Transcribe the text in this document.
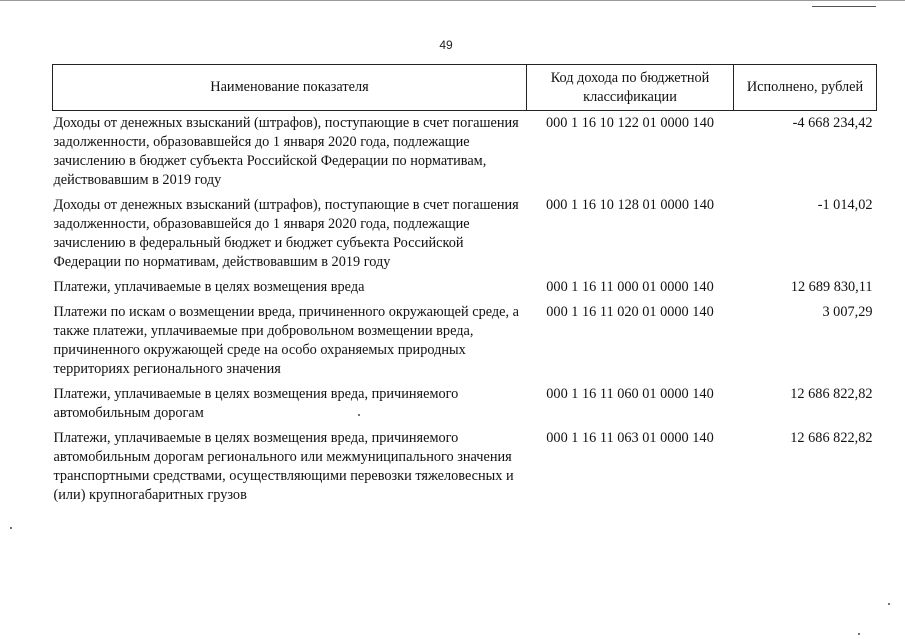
49
Наименование показателя	Код дохода по бюджетной классификации	Исполнено, рублей
Доходы от денежных взысканий (штрафов), поступающие в счет погашения задолженности, образовавшейся до 1 января 2020 года, подлежащие зачислению в бюджет субъекта Российской Федерации по нормативам, действовавшим в 2019 году	000 1 16 10 122 01 0000 140	-4 668 234,42
Доходы от денежных взысканий (штрафов), поступающие в счет погашения задолженности, образовавшейся до 1 января 2020 года, подлежащие зачислению в федеральный бюджет и бюджет субъекта Российской Федерации по нормативам, действовавшим в 2019 году	000 1 16 10 128 01 0000 140	-1 014,02
Платежи, уплачиваемые в целях возмещения вреда	000 1 16 11 000 01 0000 140	12 689 830,11
Платежи по искам о возмещении вреда, причиненного окружающей среде, а также платежи, уплачиваемые при добровольном возмещении вреда, причиненного окружающей среде на особо охраняемых природных территориях регионального значения	000 1 16 11 020 01 0000 140	3 007,29
Платежи, уплачиваемые в целях возмещения вреда, причиняемого автомобильным дорогам	000 1 16 11 060 01 0000 140	12 686 822,82
Платежи, уплачиваемые в целях возмещения вреда, причиняемого автомобильным дорогам регионального или межмуниципального значения транспортными средствами, осуществляющими перевозки тяжеловесных и (или) крупногабаритных грузов	000 1 16 11 063 01 0000 140	12 686 822,82
